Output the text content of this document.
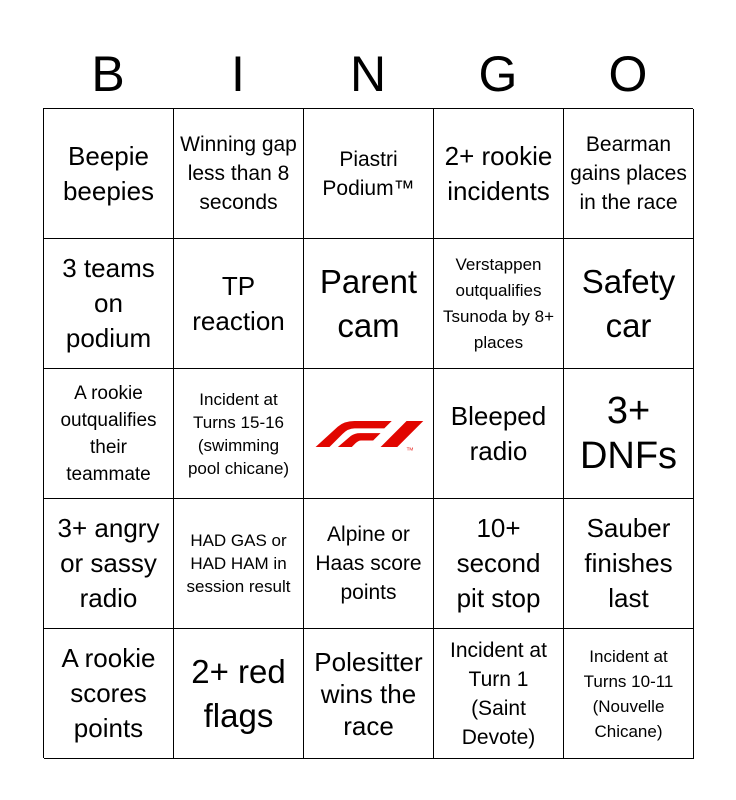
B	I	N	G	O
Beepie beepies
Winning gap less than 8 seconds
Piastri Podium™
2+ rookie incidents
Bearman gains places in the race
3 teams on podium
TP reaction
Parent cam
Verstappen outqualifies Tsunoda by 8+ places
Safety car
A rookie outqualifies their teammate
Incident at Turns 15-16 (swimming pool chicane)
TM
Bleeped radio
3+ DNFs
3+ angry or sassy radio
HAD GAS or HAD HAM in session result
Alpine or Haas score points
10+ second pit stop
Sauber finishes last
A rookie scores points
2+ red flags
Polesitter wins the race
Incident at Turn 1 (Saint Devote)
Incident at Turns 10-11 (Nouvelle Chicane)
